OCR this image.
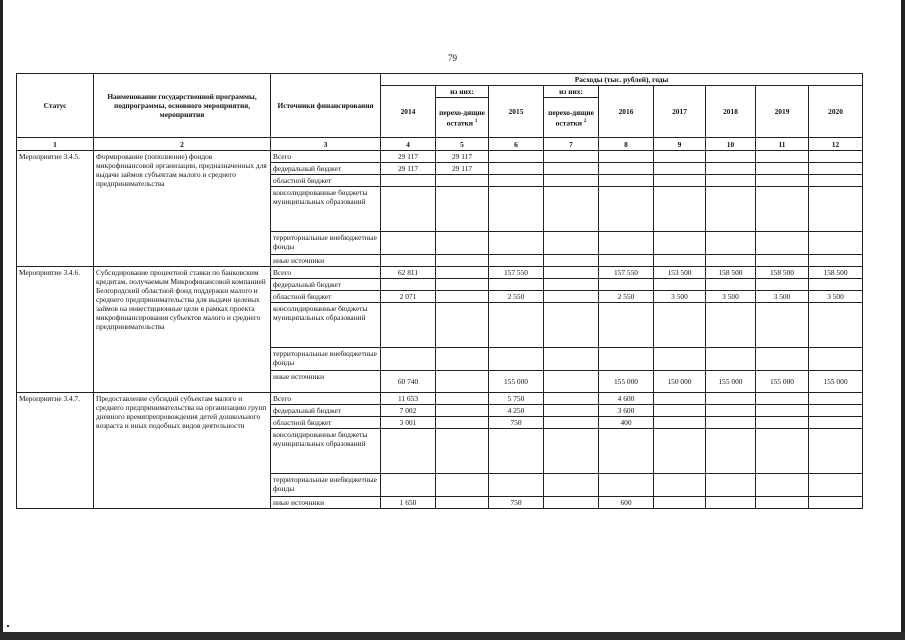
79
Статус	Наименование государственной программы, подпрограммы, основного мероприятия, мероприятия	Источники финансирования	Расходы (тыс. рублей), годы								
			2014	из них:	2015	из них:	2016	2017	2018	2019	2020
				перехо-дящие остатки $^1$		перехо-дящие остатки $^2$
1	2	3	4	5	6	7	8	9	10	11	12
Мероприятие 3.4.5.	Формирование (пополнение) фондов микрофинансовой организации, предназначенных для выдачи займов субъектам малого и среднего предпринимательства	Всего	29 117	29 117							
		федеральный бюджет	29 117	29 117							
		областной бюджет									
		консолидированные бюджеты муниципальных образований									
		территориальные внебюджетные фонды									
		иные источники									
Мероприятие 3.4.6.	Субсидирование процентной ставки по банковским кредитам, получаемым Микрофинансовой компанией Белгородский областной фонд поддержки малого и среднего предпринимательства для выдачи целевых займов на инвестиционные цели в рамках проекта микрофинансирования субъектов малого и среднего предпринимательства	Всего	62 811		157 550		157 550	153 500	158 500	158 500	158 500
		федеральный бюджет									
		областной бюджет	2 071		2 550		2 550	3 500	3 500	3 500	3 500
		консолидированные бюджеты муниципальных образований									
		территориальные внебюджетные фонды									
		иные источники	60 740		155 000		155 000	150 000	155 000	155 000	155 000
Мероприятие 3.4.7.	Предоставление субсидий субъектам малого и среднего предпринимательства на организацию групп дневного времяпрепровождения детей дошкольного возраста и иных подобных видов деятельности	Всего	11 653		5 750		4 600				
		федеральный бюджет	7 002		4 250		3 600				
		областной бюджет	3 001		750		400				
		консолидированные бюджеты муниципальных образований									
		территориальные внебюджетные фонды									
		иные источники	1 650		750		600				
